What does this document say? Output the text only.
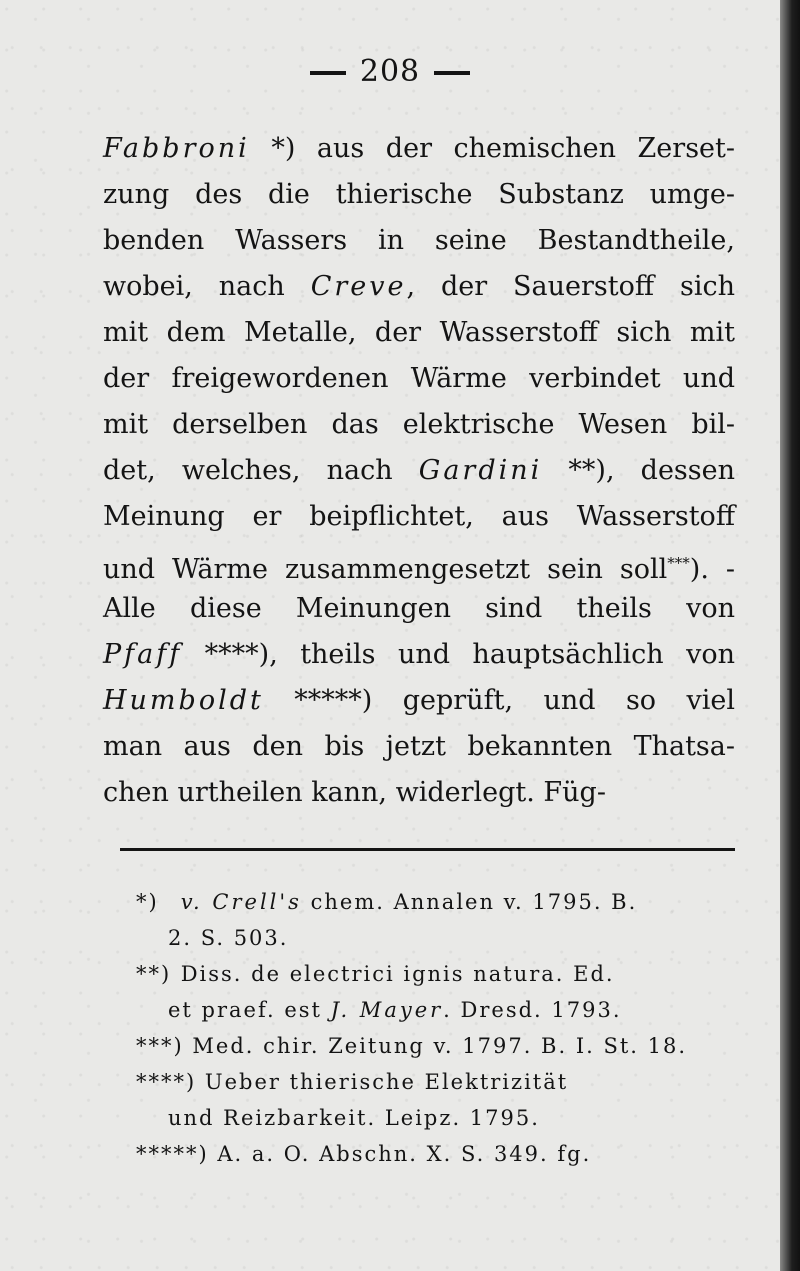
208
Fabbroni *) aus der chemischen Zerset-
zung des die thierische Substanz umge-
benden Wassers in seine Bestandtheile,
wobei, nach Creve, der Sauerstoff sich
mit dem Metalle, der Wasserstoff sich mit
der freigewordenen Wärme verbindet und
mit derselben das elektrische Wesen bil-
det, welches, nach Gardini **), dessen
Meinung er beipflichtet, aus Wasserstoff
und Wärme zusammengesetzt sein soll***). -
Alle diese Meinungen sind theils von
Pfaff ****), theils und hauptsächlich von
Humboldt *****) geprüft, und so viel
man aus den bis jetzt bekannten Thatsa-
chen urtheilen kann, widerlegt. Füg-
*) v. Crell's chem. Annalen v. 1795. B.
2. S. 503.
**) Diss. de electrici ignis natura. Ed.
et praef. est J. Mayer. Dresd. 1793.
***) Med. chir. Zeitung v. 1797. B. I. St. 18.
****) Ueber thierische Elektrizität
und Reizbarkeit. Leipz. 1795.
*****) A. a. O. Abschn. X. S. 349. fg.
